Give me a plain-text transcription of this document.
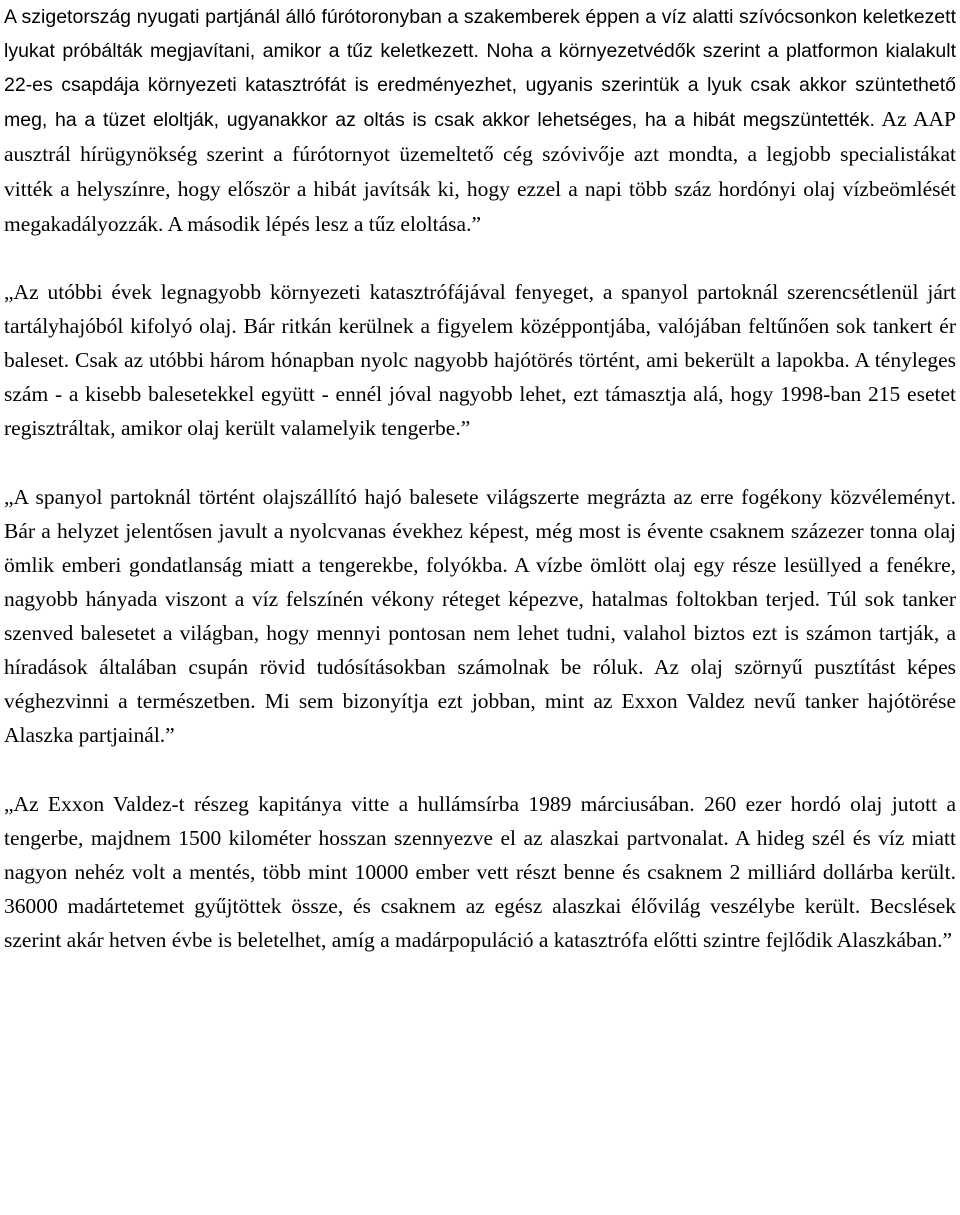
A szigetország nyugati partjánál álló fúrótoronyban a szakemberek éppen a víz alatti szívócsonkon keletkezett lyukat próbálták megjavítani, amikor a tűz keletkezett. Noha a környezetvédők szerint a platformon kialakult 22-es csapdája környezeti katasztrófát is eredményezhet, ugyanis szerintük a lyuk csak akkor szüntethető meg, ha a tüzet eloltják, ugyanakkor az oltás is csak akkor lehetséges, ha a hibát megszüntették. Az AAP ausztrál hírügynökség szerint a fúrótornyot üzemeltető cég szóvivője azt mondta, a legjobb specialistákat vitték a helyszínre, hogy először a hibát javítsák ki, hogy ezzel a napi több száz hordónyi olaj vízbeömlését megakadályozzák. A második lépés lesz a tűz eloltása.”

„Az utóbbi évek legnagyobb környezeti katasztrófájával fenyeget, a spanyol partoknál szerencsétlenül járt tartályhajóból kifolyó olaj. Bár ritkán kerülnek a figyelem középpontjába, valójában feltűnően sok tankert ér baleset. Csak az utóbbi három hónapban nyolc nagyobb hajótörés történt, ami bekerült a lapokba. A tényleges szám - a kisebb balesetekkel együtt - ennél jóval nagyobb lehet, ezt támasztja alá, hogy 1998-ban 215 esetet regisztráltak, amikor olaj került valamelyik tengerbe.”

„A spanyol partoknál történt olajszállító hajó balesete világszerte megrázta az erre fogékony közvéleményt. Bár a helyzet jelentősen javult a nyolcvanas évekhez képest, még most is évente csaknem százezer tonna olaj ömlik emberi gondatlanság miatt a tengerekbe, folyókba. A vízbe ömlött olaj egy része lesüllyed a fenékre, nagyobb hányada viszont a víz felszínén vékony réteget képezve, hatalmas foltokban terjed. Túl sok tanker szenved balesetet a világban, hogy mennyi pontosan nem lehet tudni, valahol biztos ezt is számon tartják, a híradások általában csupán rövid tudósításokban számolnak be róluk. Az olaj szörnyű pusztítást képes véghezvinni a természetben. Mi sem bizonyítja ezt jobban, mint az Exxon Valdez nevű tanker hajótörése Alaszka partjainál.”

„Az Exxon Valdez-t részeg kapitánya vitte a hullámsírba 1989 márciusában. 260 ezer hordó olaj jutott a tengerbe, majdnem 1500 kilométer hosszan szennyezve el az alaszkai partvonalat. A hideg szél és víz miatt nagyon nehéz volt a mentés, több mint 10000 ember vett részt benne és csaknem 2 milliárd dollárba került. 36000 madártetemet gyűjtöttek össze, és csaknem az egész alaszkai élővilág veszélybe került. Becslések szerint akár hetven évbe is beletelhet, amíg a madárpopuláció a katasztrófa előtti szintre fejlődik Alaszkában.”
